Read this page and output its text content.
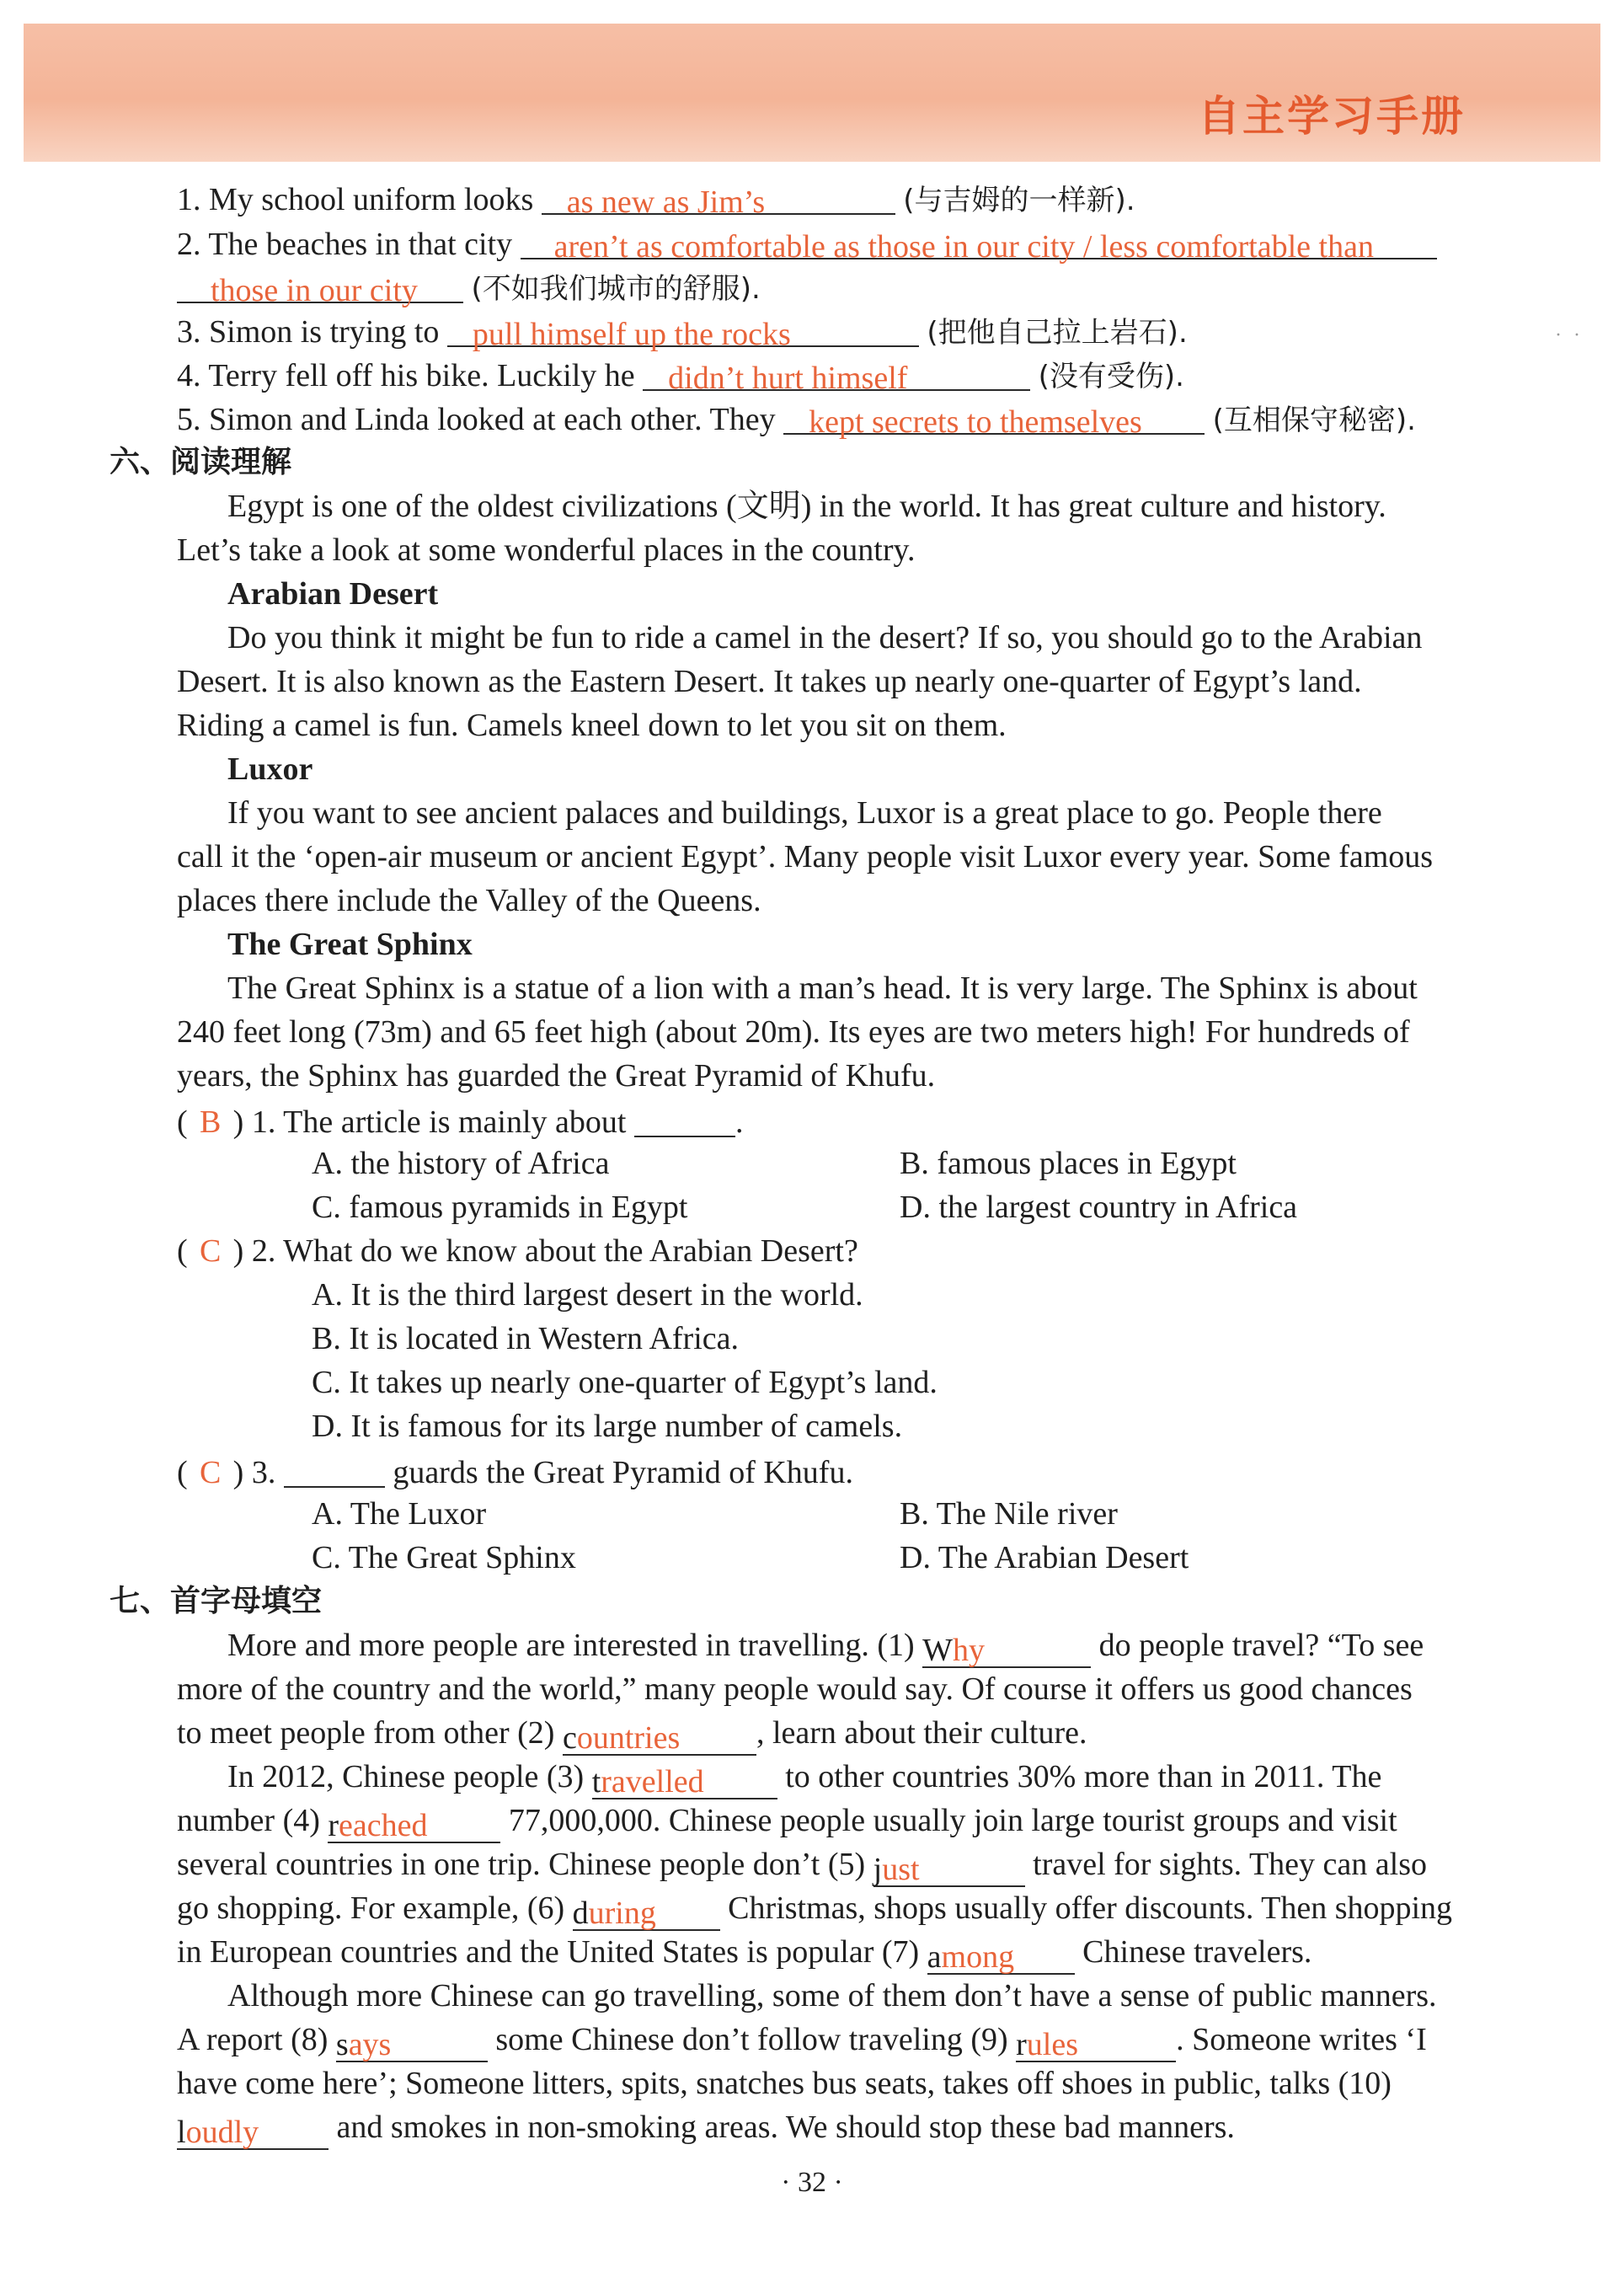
自主学习手册
· ·
1. My school uniform looks as new as Jim’s	(与吉姆的一样新).
2. The beaches in that city aren’t as comfortable as those in our city / less comfortable than
those in our city (不如我们城市的舒服).
3. Simon is trying to pull himself up the rocks	(把他自己拉上岩石).
4. Terry fell off his bike. Luckily he didn’t hurt himself	(没有受伤).
5. Simon and Linda looked at each other. They kept secrets to themselves (互相保守秘密).
六、阅读理解
Egypt is one of the oldest civilizations (文明) in the world. It has great culture and history.
Let’s take a look at some wonderful places in the country.
Arabian Desert
Do you think it might be fun to ride a camel in the desert? If so, you should go to the Arabian
Desert. It is also known as the Eastern Desert. It takes up nearly one-quarter of Egypt’s land.
Riding a camel is fun. Camels kneel down to let you sit on them.
Luxor
If you want to see ancient palaces and buildings, Luxor is a great place to go. People there
call it the ‘open-air museum or ancient Egypt’. Many people visit Luxor every year. Some famous
places there include the Valley of the Queens.
The Great Sphinx
The Great Sphinx is a statue of a lion with a man’s head. It is very large. The Sphinx is about
240 feet long (73m) and 65 feet high (about 20m). Its eyes are two meters high! For hundreds of
years, the Sphinx has guarded the Great Pyramid of Khufu.
( B ) 1. The article is mainly about	.
A. the history of Africa	B. famous places in Egypt
C. famous pyramids in Egypt	D. the largest country in Africa
( C ) 2. What do we know about the Arabian Desert?
A. It is the third largest desert in the world.
B. It is located in Western Africa.
C. It takes up nearly one-quarter of Egypt’s land.
D. It is famous for its large number of camels.
( C ) 3.	guards the Great Pyramid of Khufu.
A. The Luxor	B. The Nile river
C. The Great Sphinx	D. The Arabian Desert
七、首字母填空
More and more people are interested in travelling. (1) Why	do people travel? “To see
more of the country and the world,” many people would say. Of course it offers us good chances
to meet people from other (2) countries , learn about their culture.
In 2012, Chinese people (3) travelled	to other countries 30% more than in 2011. The
number (4) reached	77,000,000. Chinese people usually join large tourist groups and visit
several countries in one trip. Chinese people don’t (5) just	travel for sights. They can also
go shopping. For example, (6) during Christmas, shops usually offer discounts. Then shopping
in European countries and the United States is popular (7) among Chinese travelers.
Although more Chinese can go travelling, some of them don’t have a sense of public manners.
A report (8) says	some Chinese don’t follow traveling (9) rules	. Someone writes ‘I
have come here’; Someone litters, spits, snatches bus seats, takes off shoes in public, talks (10)
loudly and smokes in non-smoking areas. We should stop these bad manners.
· 32 ·
